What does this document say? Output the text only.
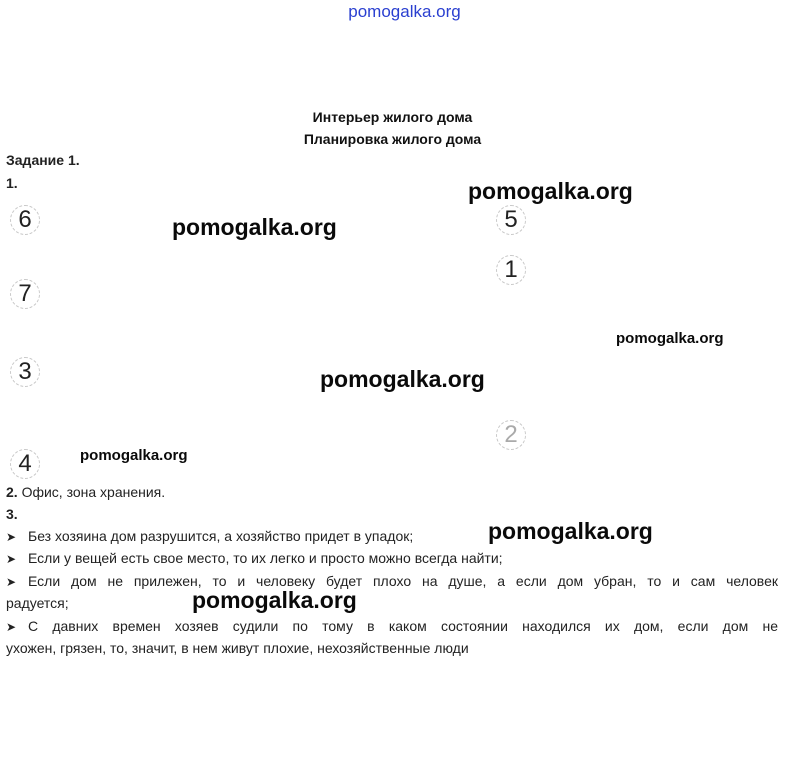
pomogalka.org
Интерьер жилого дома
Планировка жилого дома
Задание 1.
1.
6	5
1
7
3
2
4
pomogalka.org
pomogalka.org
pomogalka.org
pomogalka.org
pomogalka.org
pomogalka.org
pomogalka.org
2. Офис, зона хранения.
3.
➤ Без хозяина дом разрушится, а хозяйство придет в упадок;
➤ Если у вещей есть свое место, то их легко и просто можно всегда найти;
➤ Если дом не прилежен, то и человеку будет плохо на душе, а если дом убран, то и сам человек
радуется;
➤ С давних времен хозяев судили по тому в каком состоянии находился их дом, если дом не
ухожен, грязен, то, значит, в нем живут плохие, нехозяйственные люди
